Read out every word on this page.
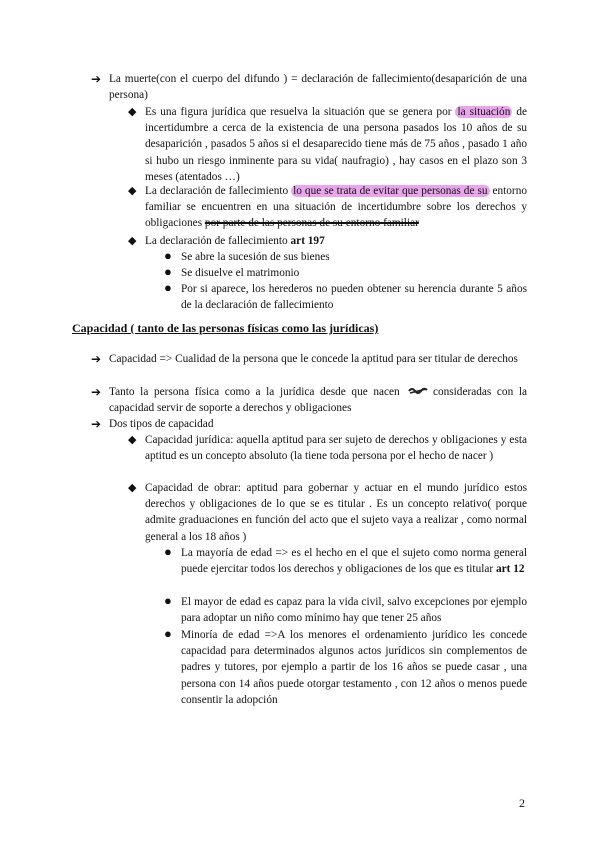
➔ La muerte(con el cuerpo del difundo ) = declaración de fallecimiento(desaparición de una persona)
◆ Es una figura jurídica que resuelva la situación que se genera por la situación de incertidumbre a cerca de la existencia de una persona pasados los 10 años de su desaparición , pasados 5 años si el desaparecido tiene más de 75 años , pasado 1 año si hubo un riesgo inminente para su vida( naufragio) , hay casos en el plazo son 3 meses (atentados …)
◆ La declaración de fallecimiento lo que se trata de evitar que personas de su entorno familiar se encuentren en una situación de incertidumbre sobre los derechos y obligaciones por parte de las personas de su entorno familiar
◆ La declaración de fallecimiento art 197
● Se abre la sucesión de sus bienes
● Se disuelve el matrimonio
● Por si aparece, los herederos no pueden obtener su herencia durante 5 años de la declaración de fallecimiento
Capacidad ( tanto de las personas físicas como las jurídicas)
➔ Capacidad => Cualidad de la persona que le concede la aptitud para ser titular de derechos
➔ Tanto la persona física como a la jurídica desde que nacen  consideradas con la capacidad servir de soporte a derechos y obligaciones
➔ Dos tipos de capacidad
◆ Capacidad jurídica: aquella aptitud para ser sujeto de derechos y obligaciones y esta aptitud es un concepto absoluto (la tiene toda persona por el hecho de nacer )
◆ Capacidad de obrar: aptitud para gobernar y actuar en el mundo jurídico estos derechos y obligaciones de lo que se es titular . Es un concepto relativo( porque admite graduaciones en función del acto que el sujeto vaya a realizar , como normal general a los 18 años )
● La mayoría de edad => es el hecho en el que el sujeto como norma general puede ejercitar todos los derechos y obligaciones de los que es titular art 12
● El mayor de edad es capaz para la vida civil, salvo excepciones por ejemplo para adoptar un niño como mínimo hay que tener 25 años
● Minoría de edad =>A los menores el ordenamiento jurídico les concede capacidad para determinados algunos actos jurídicos sin complementos de padres y tutores, por ejemplo a partir de los 16 años se puede casar , una persona con 14 años puede otorgar testamento , con 12 años o menos puede consentir la adopción
2
